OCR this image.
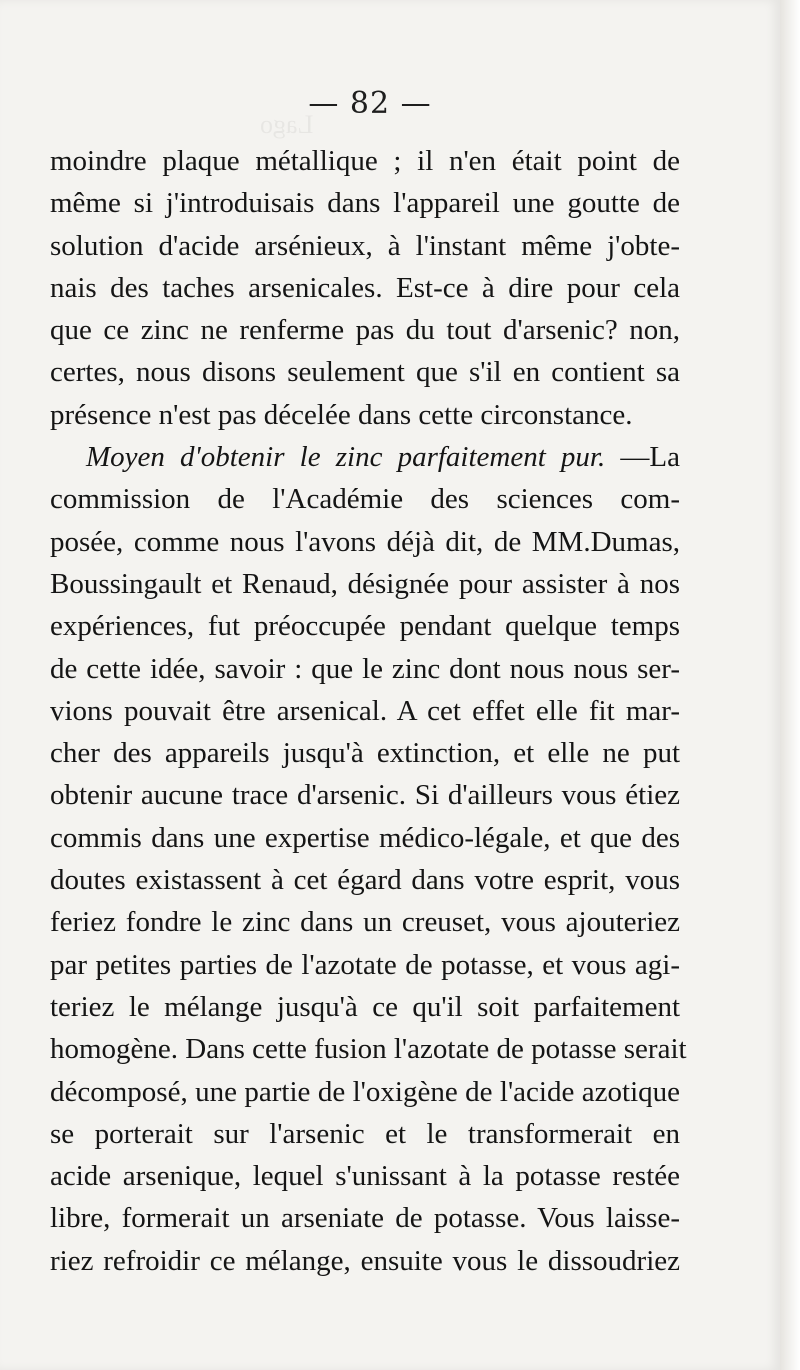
Lago
— 82 —
moindre plaque métallique ; il n'en était point de
même si j'introduisais dans l'appareil une goutte de
solution d'acide arsénieux, à l'instant même j'obte-
nais des taches arsenicales. Est-ce à dire pour cela
que ce zinc ne renferme pas du tout d'arsenic? non,
certes, nous disons seulement que s'il en contient sa
présence n'est pas décelée dans cette circonstance.
Moyen d'obtenir le zinc parfaitement pur. —La
commission de l'Académie des sciences com-
posée, comme nous l'avons déjà dit, de MM.Dumas,
Boussingault et Renaud, désignée pour assister à nos
expériences, fut préoccupée pendant quelque temps
de cette idée, savoir : que le zinc dont nous nous ser-
vions pouvait être arsenical. A cet effet elle fit mar-
cher des appareils jusqu'à extinction, et elle ne put
obtenir aucune trace d'arsenic. Si d'ailleurs vous étiez
commis dans une expertise médico-légale, et que des
doutes existassent à cet égard dans votre esprit, vous
feriez fondre le zinc dans un creuset, vous ajouteriez
par petites parties de l'azotate de potasse, et vous agi-
teriez le mélange jusqu'à ce qu'il soit parfaitement
homogène. Dans cette fusion l'azotate de potasse serait
décomposé, une partie de l'oxigène de l'acide azotique
se porterait sur l'arsenic et le transformerait en
acide arsenique, lequel s'unissant à la potasse restée
libre, formerait un arseniate de potasse. Vous laisse-
riez refroidir ce mélange, ensuite vous le dissoudriez
